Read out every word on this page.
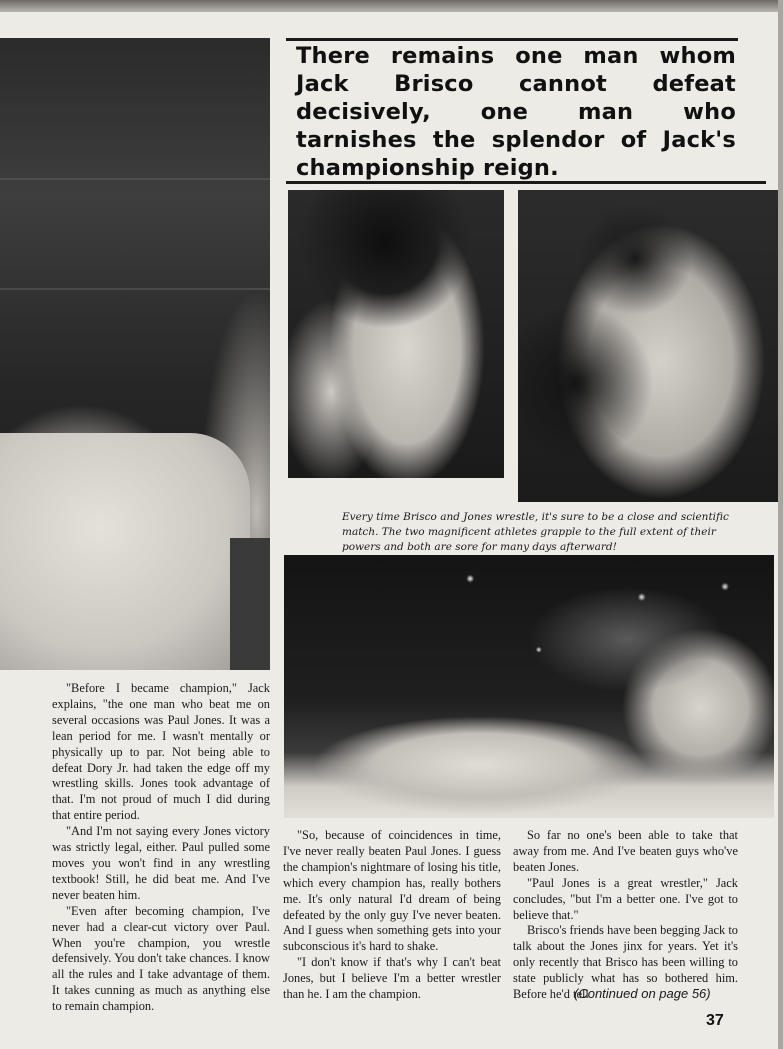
There remains one man whom Jack Brisco cannot defeat decisively, one man who tarnishes the splendor of Jack's championship reign.

Every time Brisco and Jones wrestle, it's sure to be a close and scientific match. The two magnificent athletes grapple to the full extent of their powers and both are sore for many days afterward!

"Before I became champion," Jack explains, "the one man who beat me on several occasions was Paul Jones. It was a lean period for me. I wasn't mentally or physically up to par. Not being able to defeat Dory Jr. had taken the edge off my wrestling skills. Jones took advantage of that. I'm not proud of much I did during that entire period.

"And I'm not saying every Jones victory was strictly legal, either. Paul pulled some moves you won't find in any wrestling textbook! Still, he did beat me. And I've never beaten him.

"Even after becoming champion, I've never had a clear-cut victory over Paul. When you're champion, you wrestle defensively. You don't take chances. I know all the rules and I take advantage of them. It takes cunning as much as anything else to remain champion.

"So, because of coincidences in time, I've never really beaten Paul Jones. I guess the champion's nightmare of losing his title, which every champion has, really bothers me. It's only natural I'd dream of being defeated by the only guy I've never beaten. And I guess when something gets into your subconscious it's hard to shake.

"I don't know if that's why I can't beat Jones, but I believe I'm a better wrestler than he. I am the champion.

So far no one's been able to take that away from me. And I've beaten guys who've beaten Jones.

"Paul Jones is a great wrestler," Jack concludes, "but I'm a better one. I've got to believe that."

Brisco's friends have been begging Jack to talk about the Jones jinx for years. Yet it's only recently that Brisco has been willing to state publicly what has so bothered him. Before he'd tell

(Continued on page 56)

37
